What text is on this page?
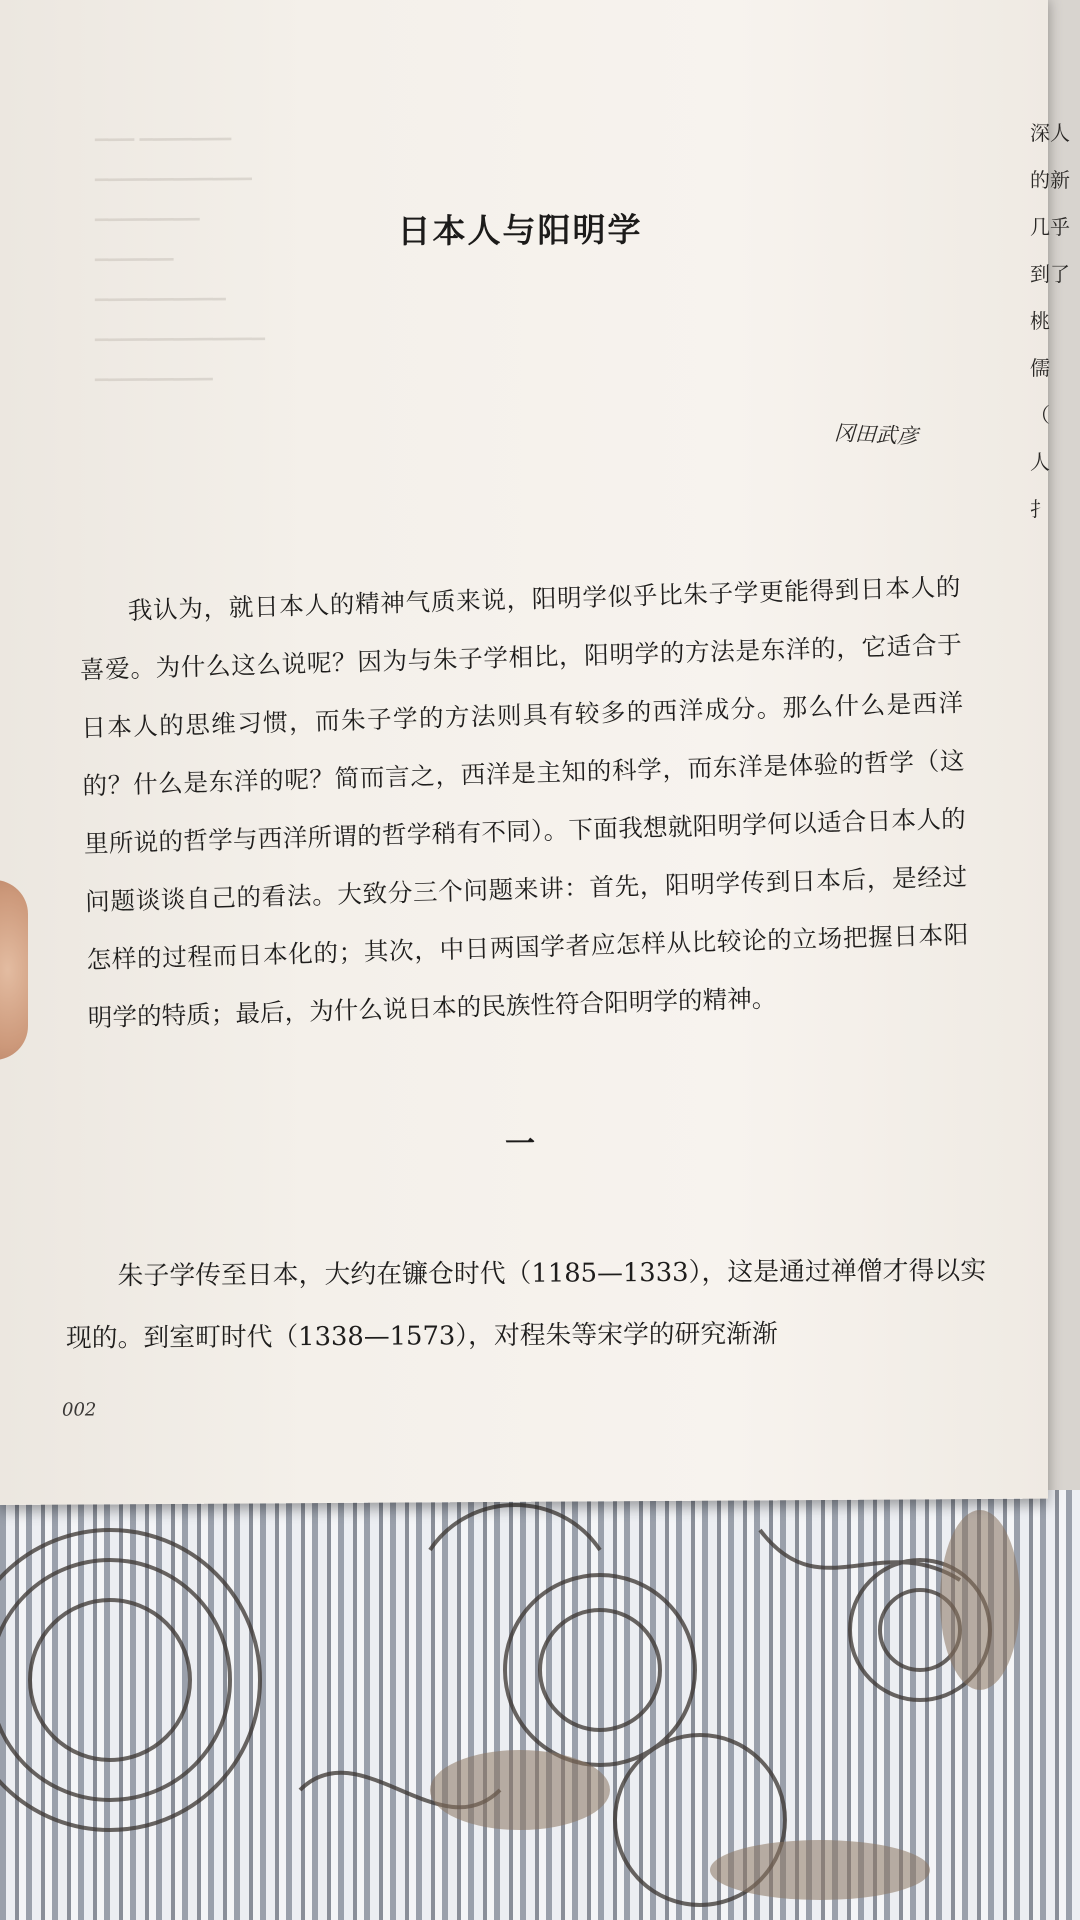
▔▔▔ ▔▔▔▔▔▔▔
▔▔▔▔▔▔▔▔▔▔▔▔
▔▔▔▔▔▔▔▔
▔▔▔▔▔▔
▔▔▔▔▔▔▔▔▔▔
▔▔▔▔▔▔▔▔▔▔▔▔▔
▔▔▔▔▔▔▔▔▔
日本人与阳明学
冈田武彦
我认为，就日本人的精神气质来说，阳明学似乎比朱子学更能得到日本人的喜爱。为什么这么说呢？因为与朱子学相比，阳明学的方法是东洋的，它适合于日本人的思维习惯，而朱子学的方法则具有较多的西洋成分。那么什么是西洋的？什么是东洋的呢？简而言之，西洋是主知的科学，而东洋是体验的哲学（这里所说的哲学与西洋所谓的哲学稍有不同）。下面我想就阳明学何以适合日本人的问题谈谈自己的看法。大致分三个问题来讲：首先，阳明学传到日本后，是经过怎样的过程而日本化的；其次，中日两国学者应怎样从比较论的立场把握日本阳明学的特质；最后，为什么说日本的民族性符合阳明学的精神。
一
朱子学传至日本，大约在镰仓时代（1185—1333），这是通过禅僧才得以实现的。到室町时代（1338—1573），对程朱等宋学的研究渐渐
002
深人
的新
几乎
到了
桃
儒
（
人
扌
